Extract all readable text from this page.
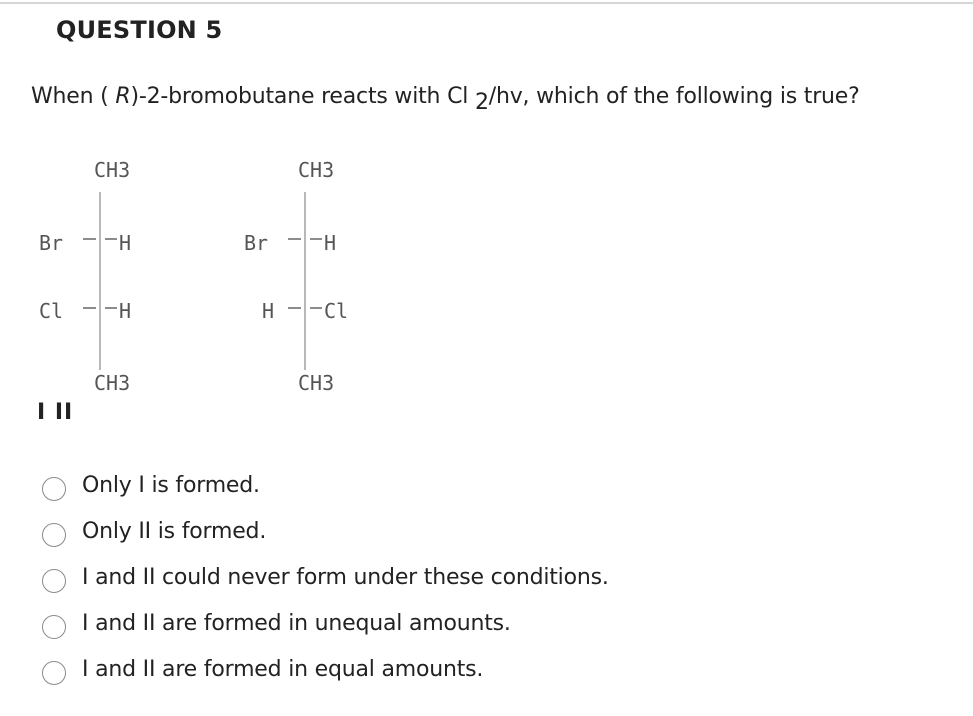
QUESTION 5
When ( R)-2-bromobutane reacts with Cl 2/hv, which of the following is true?
CH3
Br	H
Cl	H
CH3
CH3
Br	H
H Cl
CH3
I II
Only I is formed.
Only II is formed.
I and II could never form under these conditions.
I and II are formed in unequal amounts.
I and II are formed in equal amounts.
